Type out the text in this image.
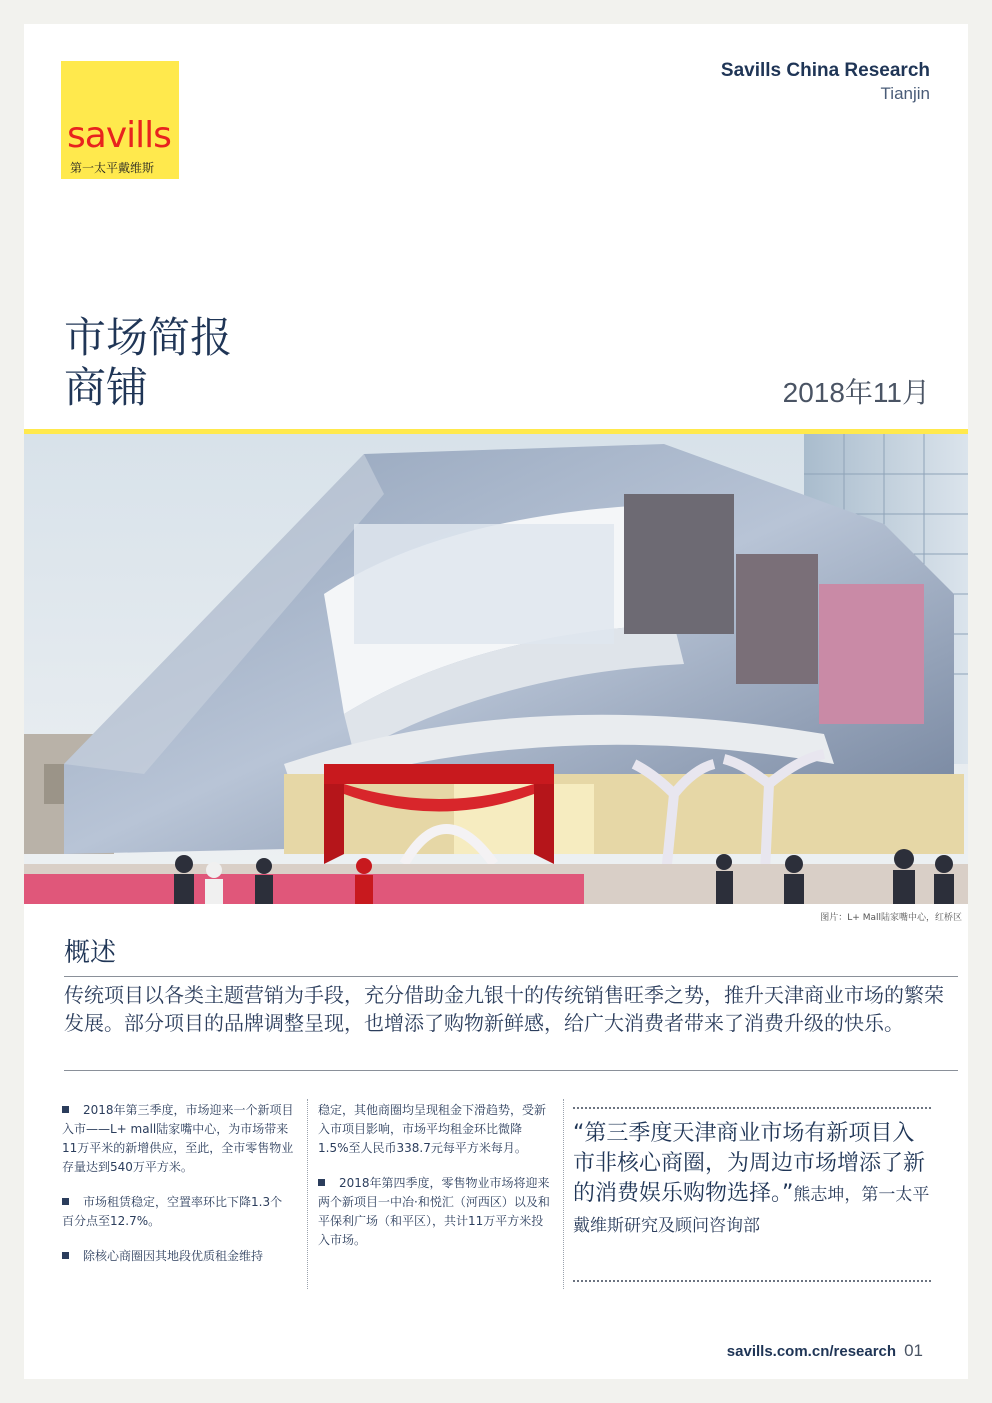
savills
第一太平戴维斯
Savills China Research
Tianjin
市场简报
商铺	2018年11月
图片：L+ Mall陆家嘴中心，红桥区
概述
传统项目以各类主题营销为手段，充分借助金九银十的传统销售旺季之势，推升天津商业市场的繁荣发展。部分项目的品牌调整呈现，也增添了购物新鲜感，给广大消费者带来了消费升级的快乐。

2018年第三季度，市场迎来一个新项目入市——L+ mall陆家嘴中心，为市场带来11万平米的新增供应，至此，全市零售物业存量达到540万平方米。

市场租赁稳定，空置率环比下降1.3个百分点至12.7%。

除核心商圈因其地段优质租金维持

稳定，其他商圈均呈现租金下滑趋势，受新入市项目影响，市场平均租金环比微降1.5%至人民币338.7元每平方米每月。

2018年第四季度，零售物业市场将迎来两个新项目一中冶·和悦汇（河西区）以及和平保利广场（和平区），共计11万平方米投入市场。

“第三季度天津商业市场有新项目入市非核心商圈，为周边市场增添了新的消费娱乐购物选择。”熊志坤，第一太平戴维斯研究及顾问咨询部
savills.com.cn/research 01
